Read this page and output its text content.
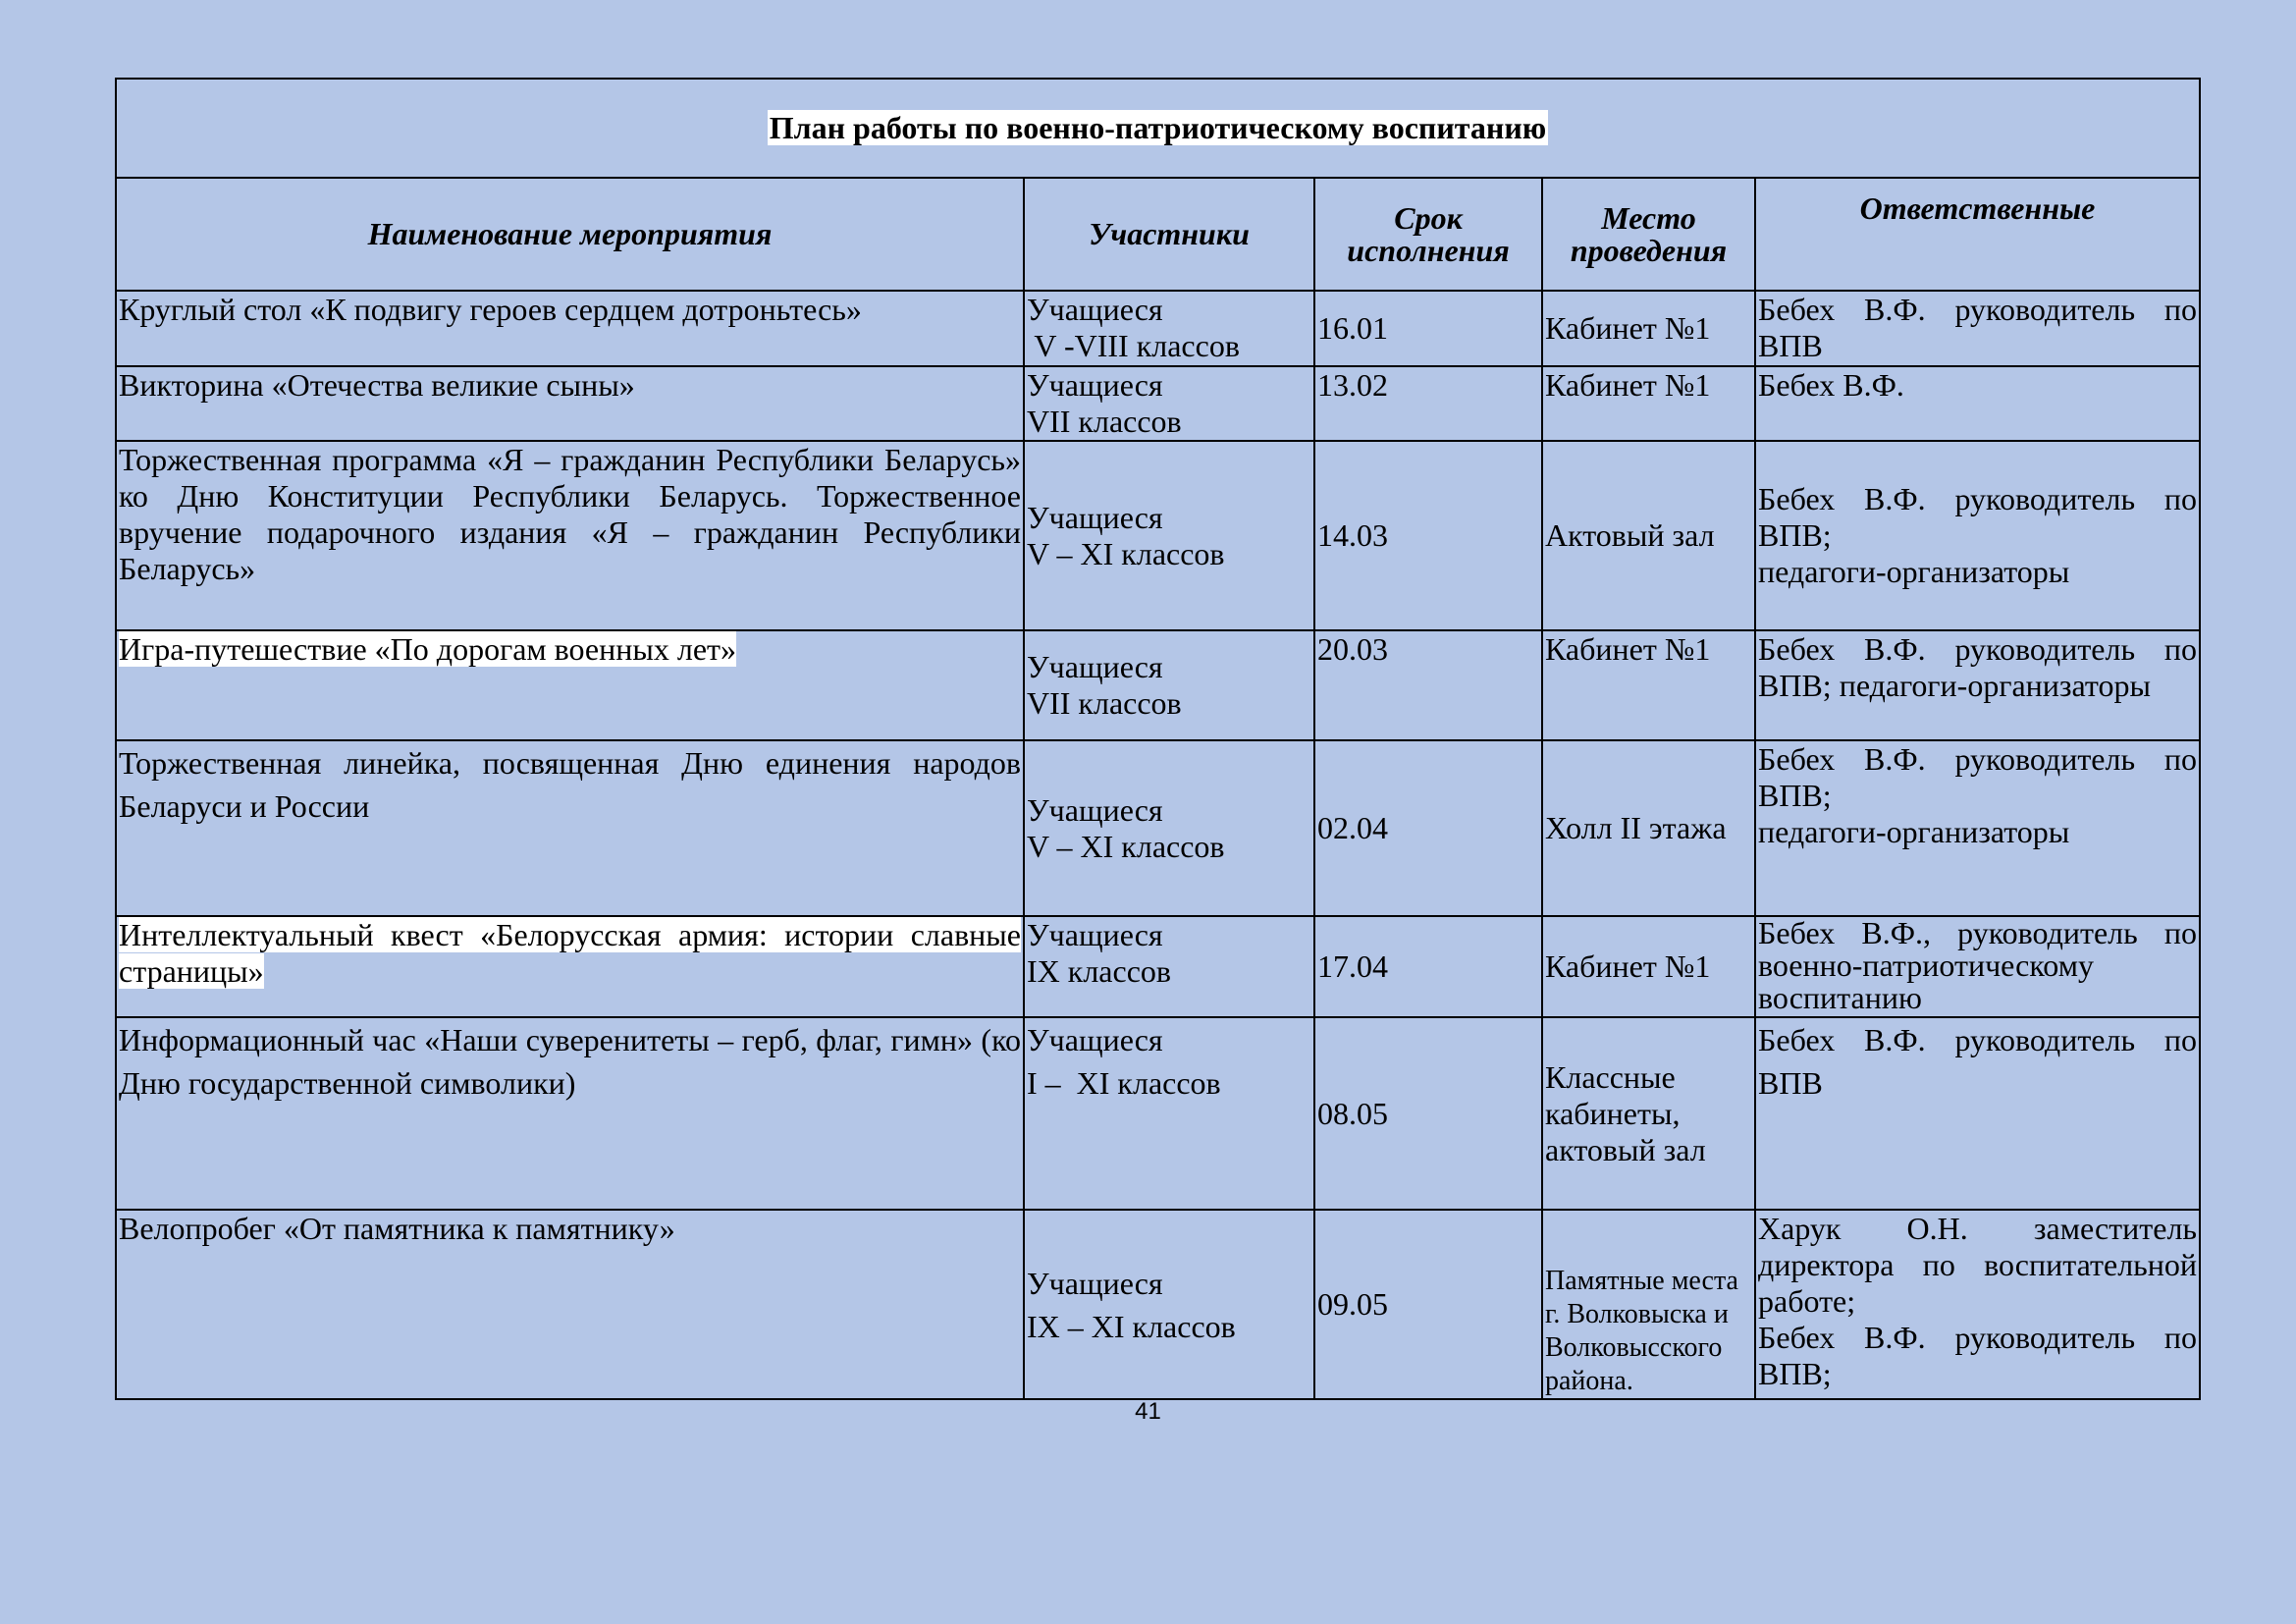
План работы по военно-патриотическому воспитанию				
Наименование мероприятия	Участники	Срок
исполнения	Место
проведения	Ответственные
Круглый стол «К подвигу героев сердцем дотроньтесь»	Учащиеся
V -VIII классов	16.01	Кабинет №1	Бебех В.Ф. руководитель по
ВПВ

Викторина «Отечества великие сыны»	Учащиеся
VII классов	13.02	Кабинет №1	Бебех В.Ф.

Торжественная программа «Я – гражданин Республики Беларусь» ко Дню Конституции Республики Беларусь. Торжественное вручение подарочного издания «Я – гражданин Республики Беларусь»	Учащиеся
V – XI классов	14.03	Актовый зал	Бебех В.Ф. руководитель по
ВПВ;
педагоги-организаторы

Игра-путешествие «По дорогам военных лет»	Учащиеся
VII классов	20.03	Кабинет №1	Бебех В.Ф. руководитель по
ВПВ; педагоги-организаторы

Торжественная линейка, посвященная Дню единения народов Беларуси и России	Учащиеся
V – XI классов	02.04	Холл II этажа	Бебех В.Ф. руководитель по
ВПВ;
педагоги-организаторы

Интеллектуальный квест «Белорусская армия: истории славные страницы»	Учащиеся
IX классов	17.04	Кабинет №1	Бебех В.Ф., руководитель по
военно-патриотическому
воспитанию

Информационный час «Наши суверенитеты – герб, флаг, гимн» (ко Дню государственной символики)	Учащиеся
I –  XI классов	08.05	Классные
кабинеты,
актовый зал	Бебех В.Ф. руководитель по
ВПВ

Велопробег «От памятника к памятнику»	Учащиеся
IX – XI классов	09.05	Памятные места
г. Волковыска и
Волковысского
района.	Харук О.Н. заместитель
директора по воспитательной
работе;
Бебех В.Ф. руководитель по
ВПВ;
41
